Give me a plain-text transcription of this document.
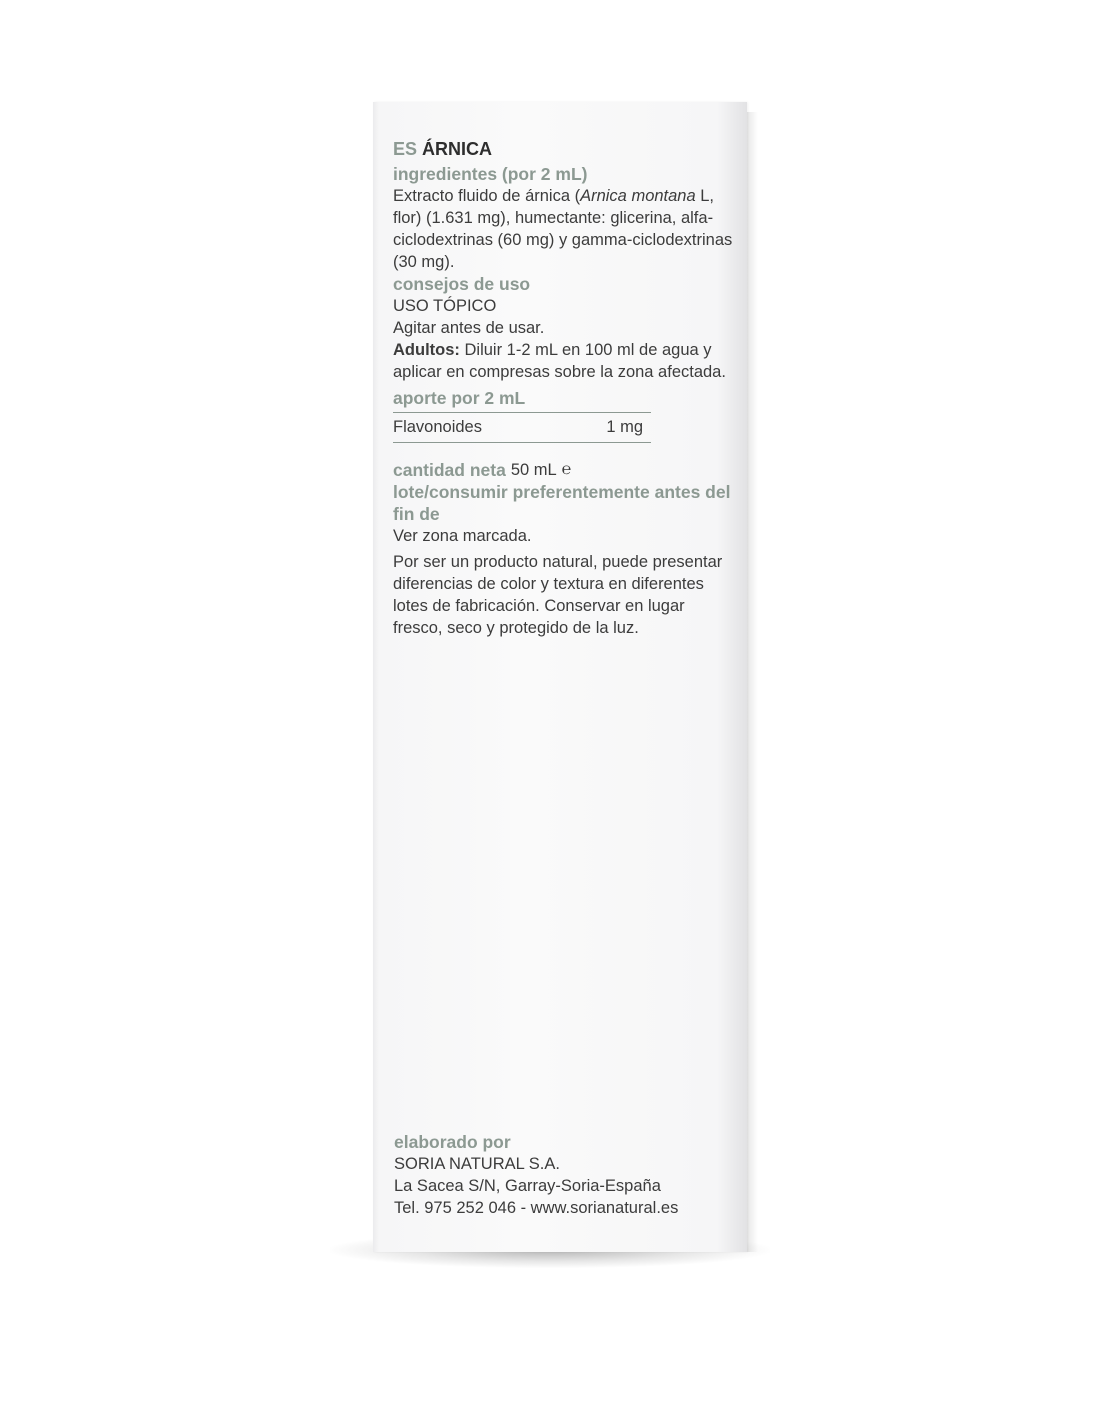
ES ÁRNICA
ingredientes (por 2 mL)

Extracto fluido de árnica (Arnica montana L, flor) (1.631 mg), humectante: glicerina, alfa-ciclodextrinas (60 mg) y gamma-ciclodextrinas (30 mg).

consejos de uso

USO TÓPICO

Agitar antes de usar.

Adultos: Diluir 1-2 mL en 100 ml de agua y aplicar en compresas sobre la zona afectada.

aporte por 2 mL
Flavonoides	1 mg
cantidad neta 50 mL ℮
lote/consumir preferentemente antes del fin de

Ver zona marcada.

Por ser un producto natural, puede presentar diferencias de color y textura en diferentes lotes de fabricación. Conservar en lugar fresco, seco y protegido de la luz.

elaborado por

SORIA NATURAL S.A.

La Sacea S/N, Garray-Soria-España

Tel. 975 252 046 - www.sorianatural.es
